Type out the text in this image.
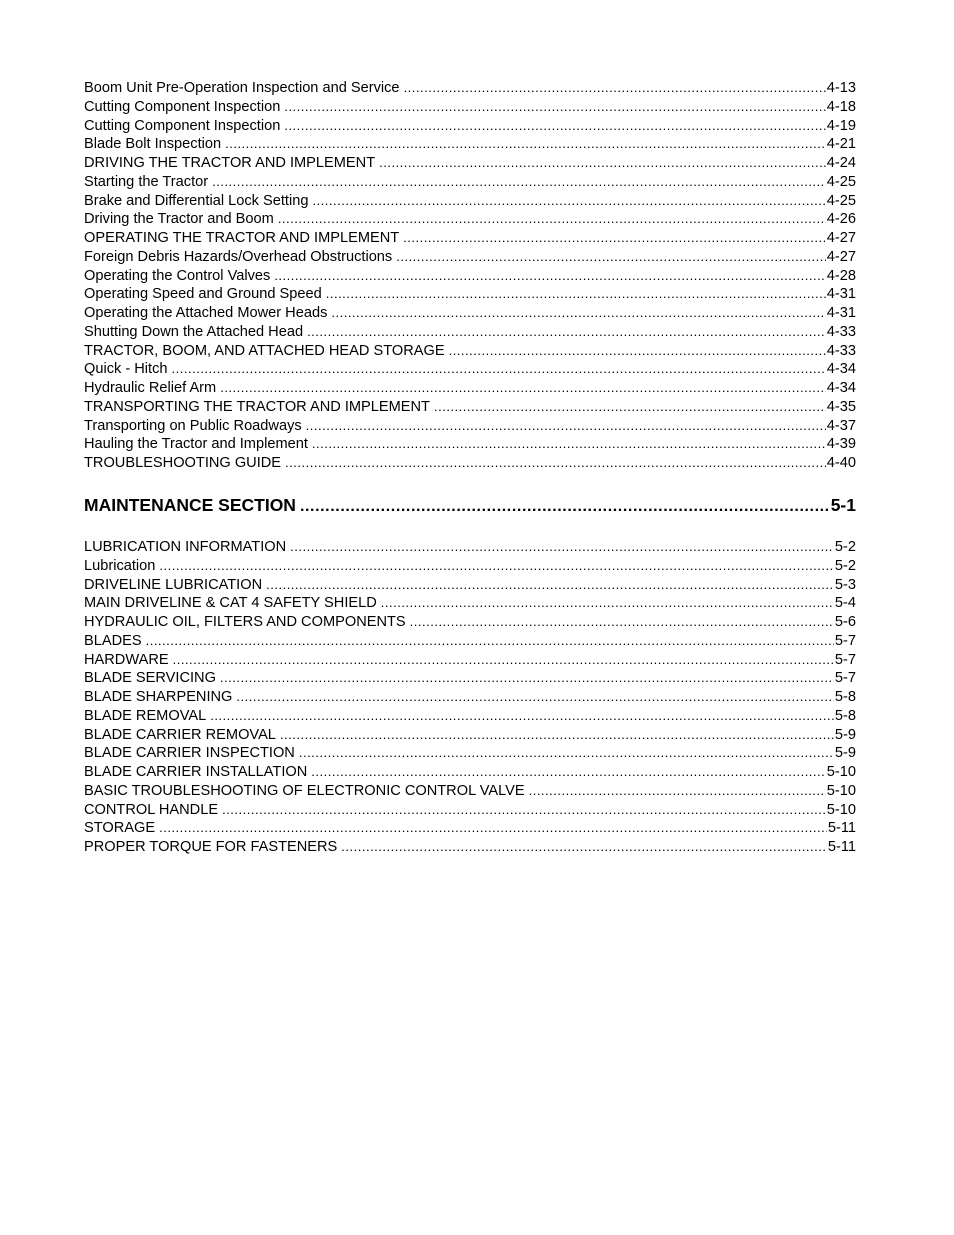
Boom Unit Pre-Operation Inspection and Service .....	4-13
Cutting Component Inspection .....	4-18
Cutting Component Inspection .....	4-19
Blade Bolt Inspection .....	4-21
DRIVING THE TRACTOR AND IMPLEMENT .....	4-24
Starting the Tractor .....	4-25
Brake and Differential Lock Setting .....	4-25
Driving the Tractor and Boom .....	4-26
OPERATING THE TRACTOR AND IMPLEMENT .....	4-27
Foreign Debris Hazards/Overhead Obstructions .....	4-27
Operating the Control Valves .....	4-28
Operating Speed and Ground Speed .....	4-31
Operating the Attached Mower Heads .....	4-31
Shutting Down the Attached Head .....	4-33
TRACTOR, BOOM, AND ATTACHED HEAD STORAGE .....	4-33
Quick - Hitch .....	4-34
Hydraulic Relief Arm .....	4-34
TRANSPORTING THE TRACTOR AND IMPLEMENT .....	4-35
Transporting on Public Roadways .....	4-37
Hauling the Tractor and Implement .....	4-39
TROUBLESHOOTING GUIDE .....	4-40
MAINTENANCE SECTION .....	5-1
LUBRICATION INFORMATION .....	5-2
Lubrication .....	5-2
DRIVELINE LUBRICATION .....	5-3
MAIN DRIVELINE & CAT 4 SAFETY SHIELD .....	5-4
HYDRAULIC OIL, FILTERS AND COMPONENTS .....	5-6
BLADES .....	5-7
HARDWARE .....	5-7
BLADE SERVICING .....	5-7
BLADE SHARPENING .....	5-8
BLADE REMOVAL .....	5-8
BLADE CARRIER REMOVAL .....	5-9
BLADE CARRIER INSPECTION .....	5-9
BLADE CARRIER INSTALLATION .....	5-10
BASIC TROUBLESHOOTING OF ELECTRONIC CONTROL VALVE .....	5-10
CONTROL HANDLE .....	5-10
STORAGE .....	5-11
PROPER TORQUE FOR FASTENERS .....	5-11
